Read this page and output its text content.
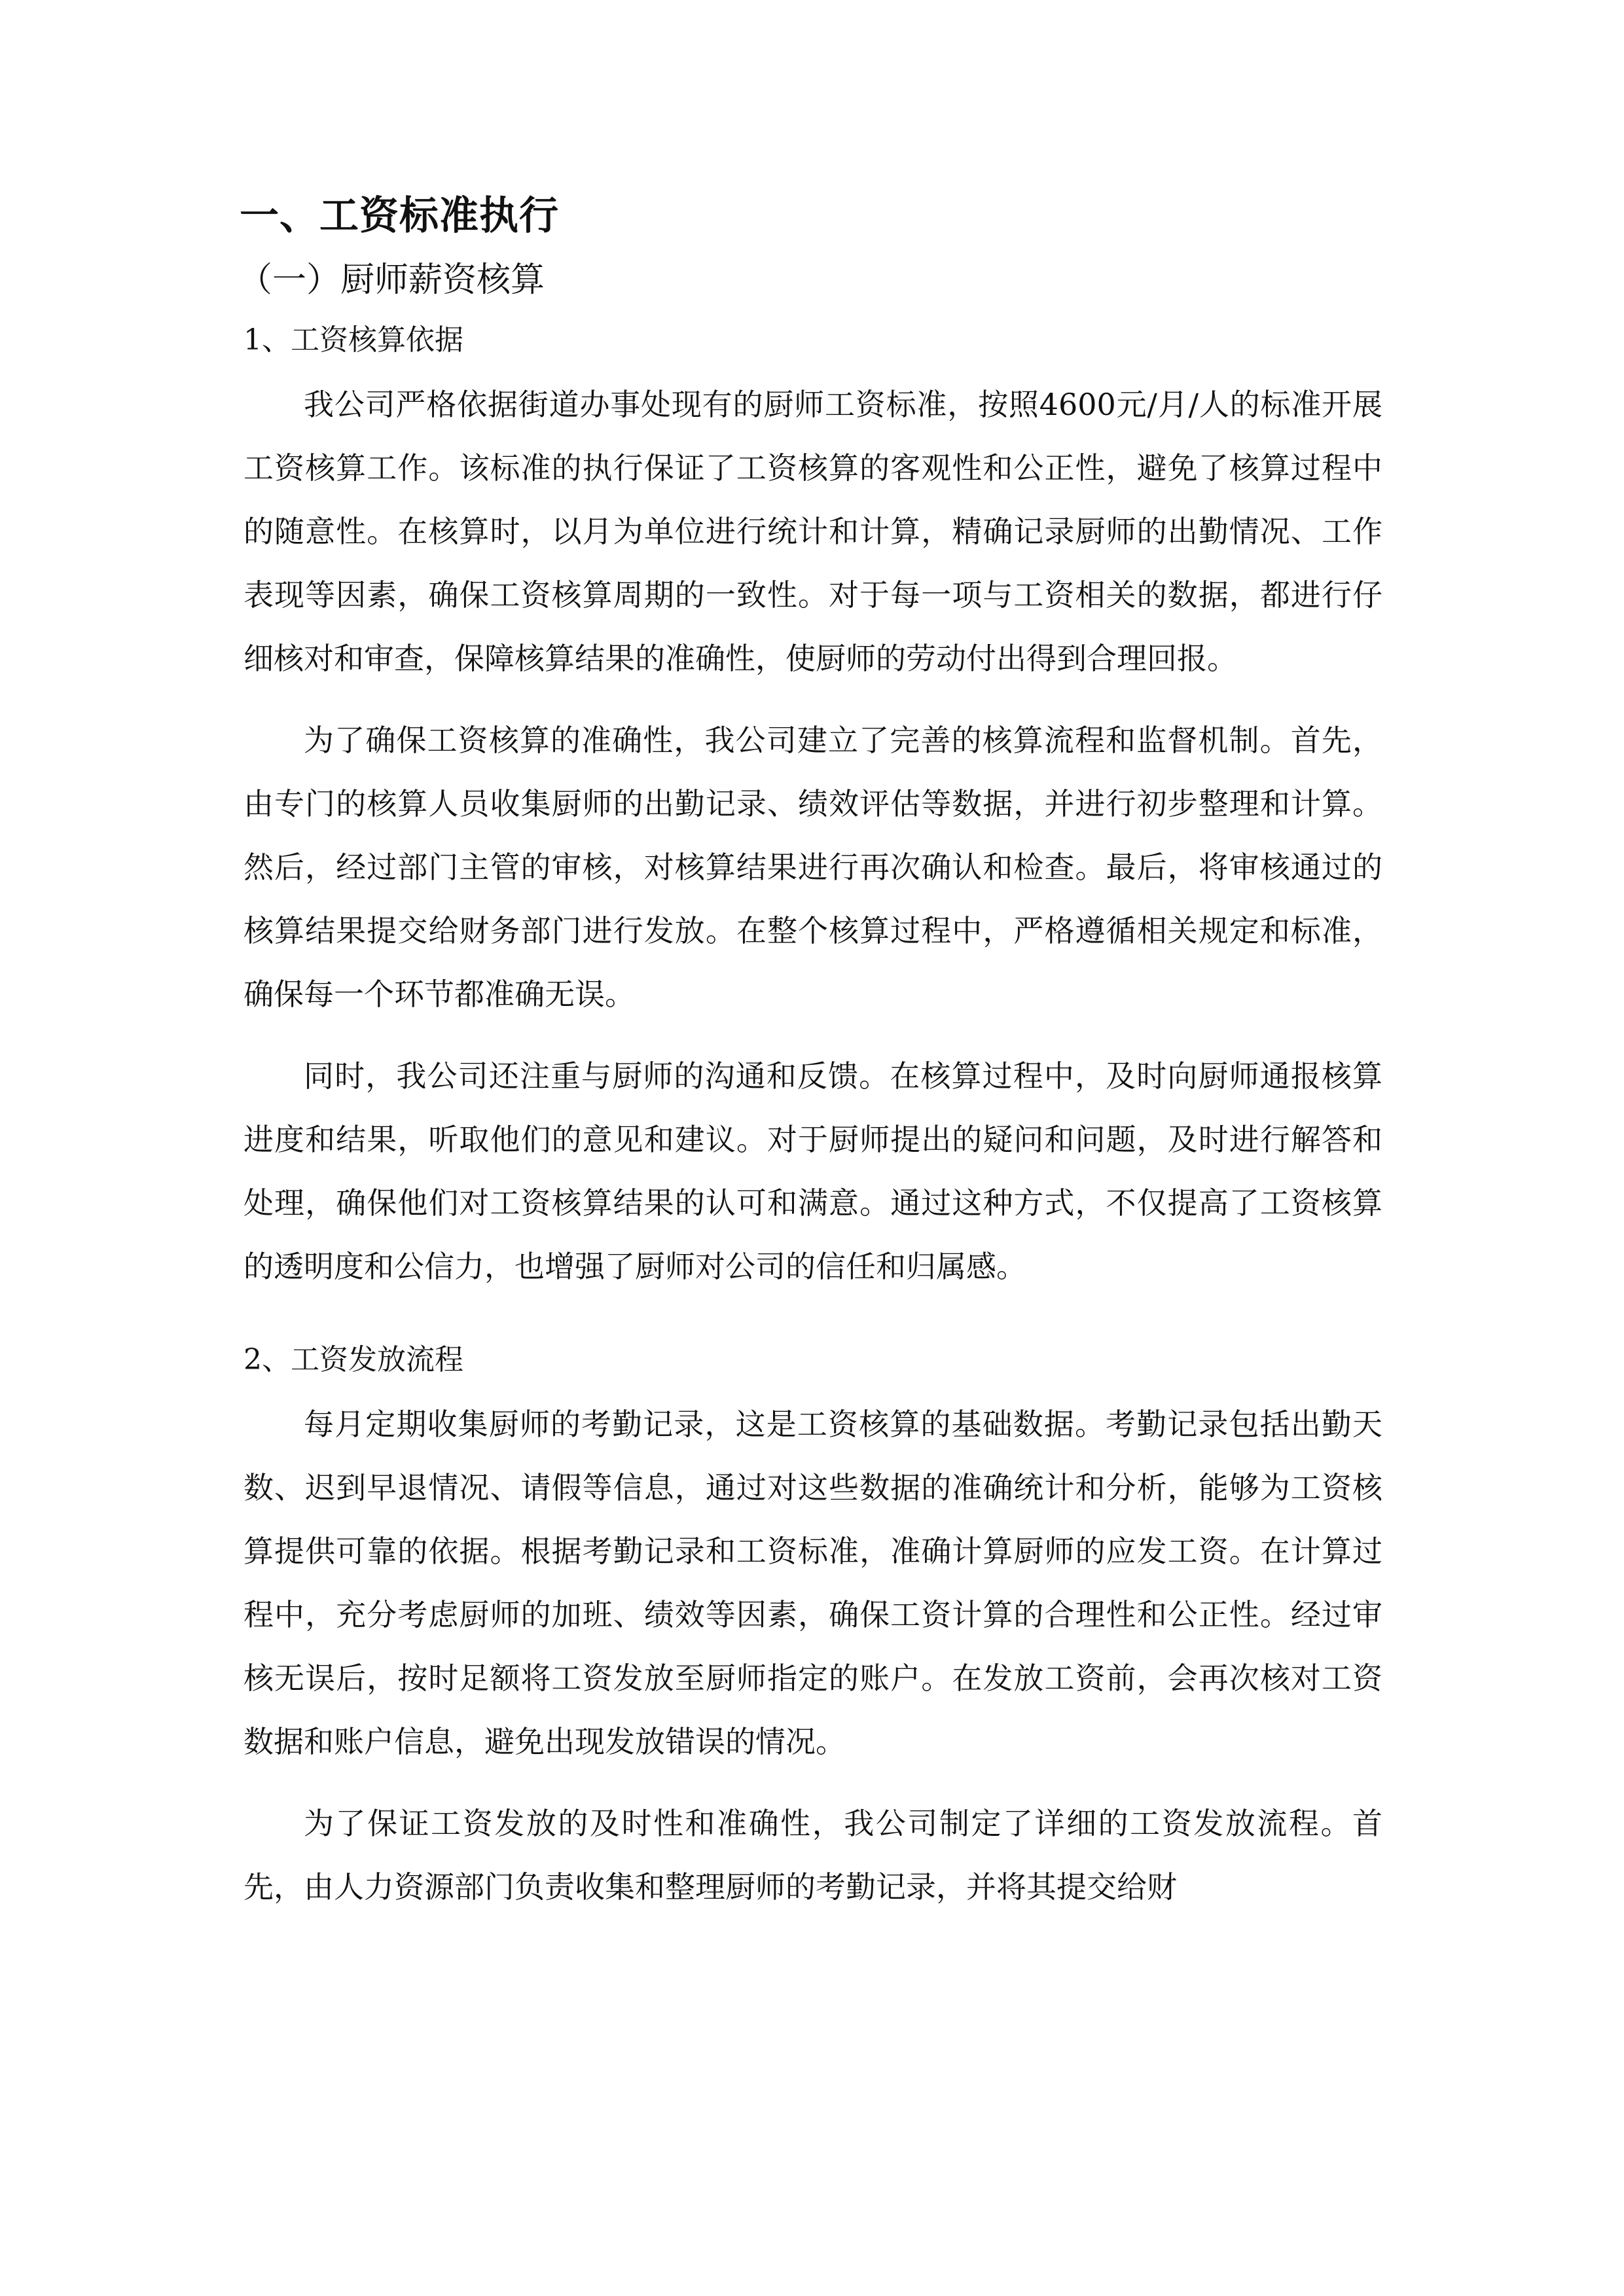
一、工资标准执行
（一）厨师薪资核算
1、工资核算依据

我公司严格依据街道办事处现有的厨师工资标准，按照4600元/月/人的标准开展工资核算工作。该标准的执行保证了工资核算的客观性和公正性，避免了核算过程中的随意性。在核算时，以月为单位进行统计和计算，精确记录厨师的出勤情况、工作表现等因素，确保工资核算周期的一致性。对于每一项与工资相关的数据，都进行仔细核对和审查，保障核算结果的准确性，使厨师的劳动付出得到合理回报。

为了确保工资核算的准确性，我公司建立了完善的核算流程和监督机制。首先，由专门的核算人员收集厨师的出勤记录、绩效评估等数据，并进行初步整理和计算。然后，经过部门主管的审核，对核算结果进行再次确认和检查。最后，将审核通过的核算结果提交给财务部门进行发放。在整个核算过程中，严格遵循相关规定和标准，确保每一个环节都准确无误。

同时，我公司还注重与厨师的沟通和反馈。在核算过程中，及时向厨师通报核算进度和结果，听取他们的意见和建议。对于厨师提出的疑问和问题，及时进行解答和处理，确保他们对工资核算结果的认可和满意。通过这种方式，不仅提高了工资核算的透明度和公信力，也增强了厨师对公司的信任和归属感。

2、工资发放流程

每月定期收集厨师的考勤记录，这是工资核算的基础数据。考勤记录包括出勤天数、迟到早退情况、请假等信息，通过对这些数据的准确统计和分析，能够为工资核算提供可靠的依据。根据考勤记录和工资标准，准确计算厨师的应发工资。在计算过程中，充分考虑厨师的加班、绩效等因素，确保工资计算的合理性和公正性。经过审核无误后，按时足额将工资发放至厨师指定的账户。在发放工资前，会再次核对工资数据和账户信息，避免出现发放错误的情况。

为了保证工资发放的及时性和准确性，我公司制定了详细的工资发放流程。首先，由人力资源部门负责收集和整理厨师的考勤记录，并将其提交给财
